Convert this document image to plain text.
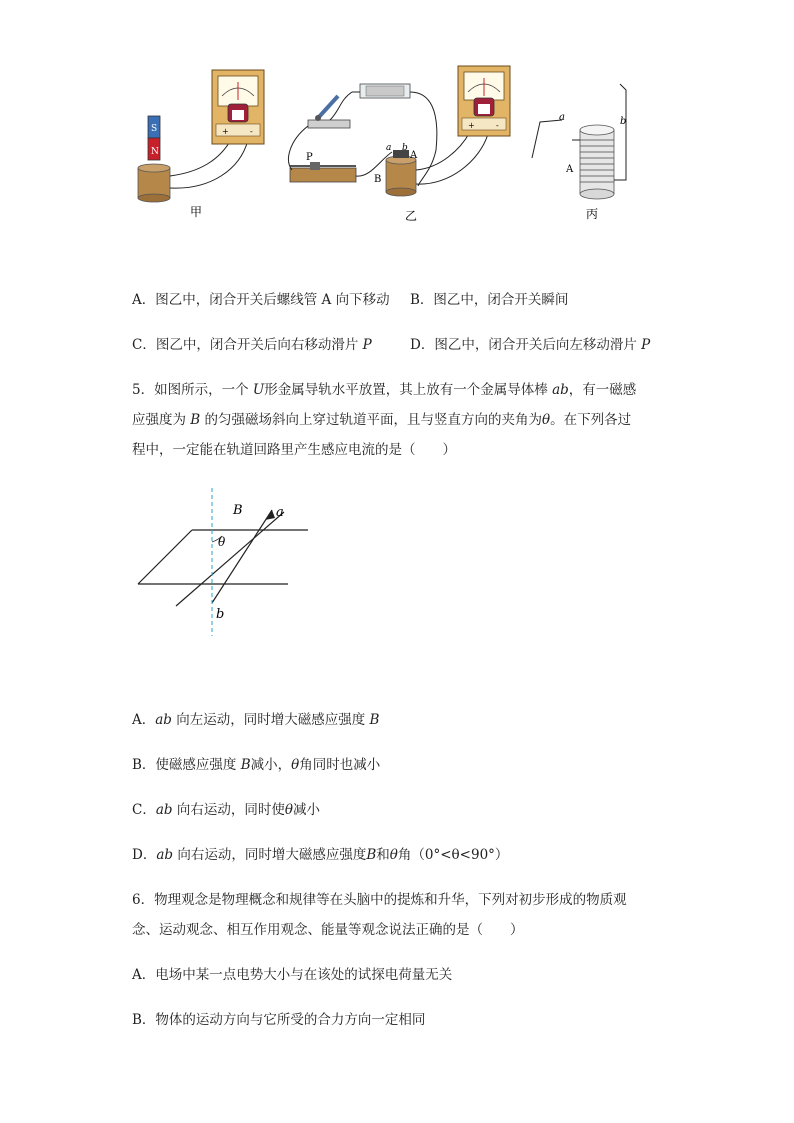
S
N
+	-
甲
P
a b
A
B
+	-
乙
a	b
A
丙
A．图乙中，闭合开关后螺线管 A 向下移动 B．图乙中，闭合开关瞬间
C．图乙中，闭合开关后向右移动滑片 P	D．图乙中，闭合开关后向左移动滑片 P
5．如图所示，一个 U形金属导轨水平放置，其上放有一个金属导体棒 ab，有一磁感
应强度为 B 的匀强磁场斜向上穿过轨道平面，且与竖直方向的夹角为θ。在下列各过
程中，一定能在轨道回路里产生感应电流的是（　　）
B	a
θ
b
A．ab 向左运动，同时增大磁感应强度 B
B．使磁感应强度 B减小，θ角同时也减小
C．ab 向右运动，同时使θ减小
D．ab 向右运动，同时增大磁感应强度B和θ角（0°<θ<90°）
6．物理观念是物理概念和规律等在头脑中的提炼和升华，下列对初步形成的物质观
念、运动观念、相互作用观念、能量等观念说法正确的是（　　）
A．电场中某一点电势大小与在该处的试探电荷量无关
B．物体的运动方向与它所受的合力方向一定相同
